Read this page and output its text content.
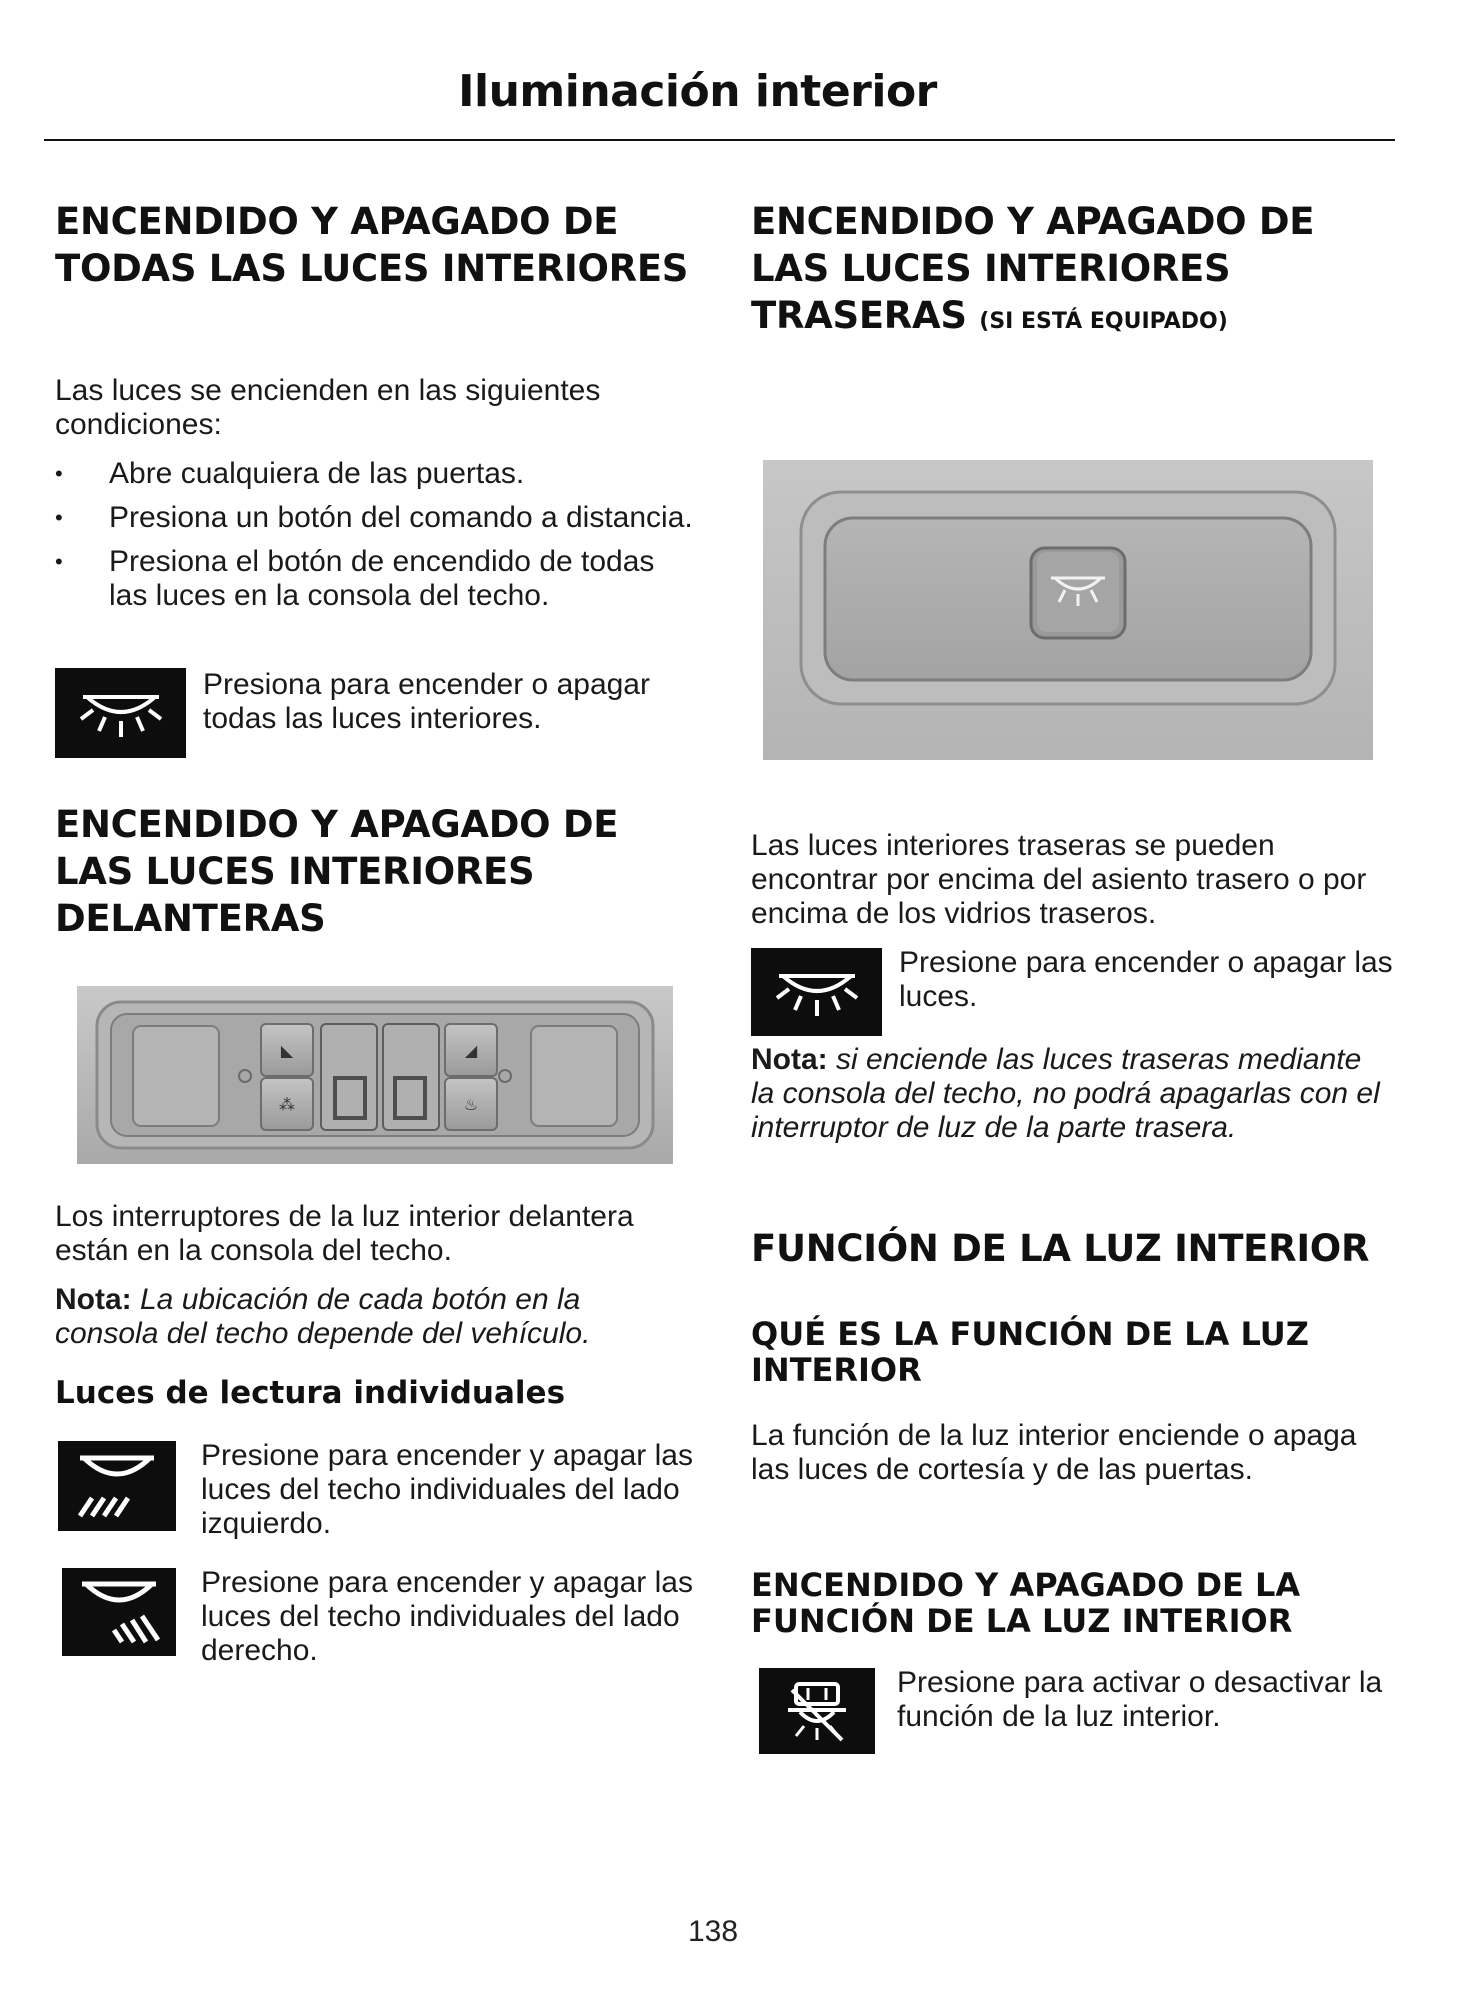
Iluminación interior
ENCENDIDO Y APAGADO DE TODAS LAS LUCES INTERIORES

Las luces se encienden en las siguientes condiciones:

• Abre cualquiera de las puertas.
• Presiona un botón del comando a distancia.
• Presiona el botón de encendido de todas las luces en la consola del techo.
Presiona para encender o apagar todas las luces interiores.
ENCENDIDO Y APAGADO DE LAS LUCES INTERIORES DELANTERAS
◣
⁂
◢
♨

Los interruptores de la luz interior delantera están en la consola del techo.

Nota: La ubicación de cada botón en la consola del techo depende del vehículo.

Luces de lectura individuales
Presione para encender y apagar las luces del techo individuales del lado izquierdo.
Presione para encender y apagar las luces del techo individuales del lado derecho.
ENCENDIDO Y APAGADO DE LAS LUCES INTERIORES TRASERAS (SI ESTÁ EQUIPADO)

Las luces interiores traseras se pueden encontrar por encima del asiento trasero o por encima de los vidrios traseros.

Presione para encender o apagar las luces.

Nota: si enciende las luces traseras mediante la consola del techo, no podrá apagarlas con el interruptor de luz de la parte trasera.

FUNCIÓN DE LA LUZ INTERIOR
QUÉ ES LA FUNCIÓN DE LA LUZ INTERIOR

La función de la luz interior enciende o apaga las luces de cortesía y de las puertas.

ENCENDIDO Y APAGADO DE LA FUNCIÓN DE LA LUZ INTERIOR
Presione para activar o desactivar la función de la luz interior.
138
